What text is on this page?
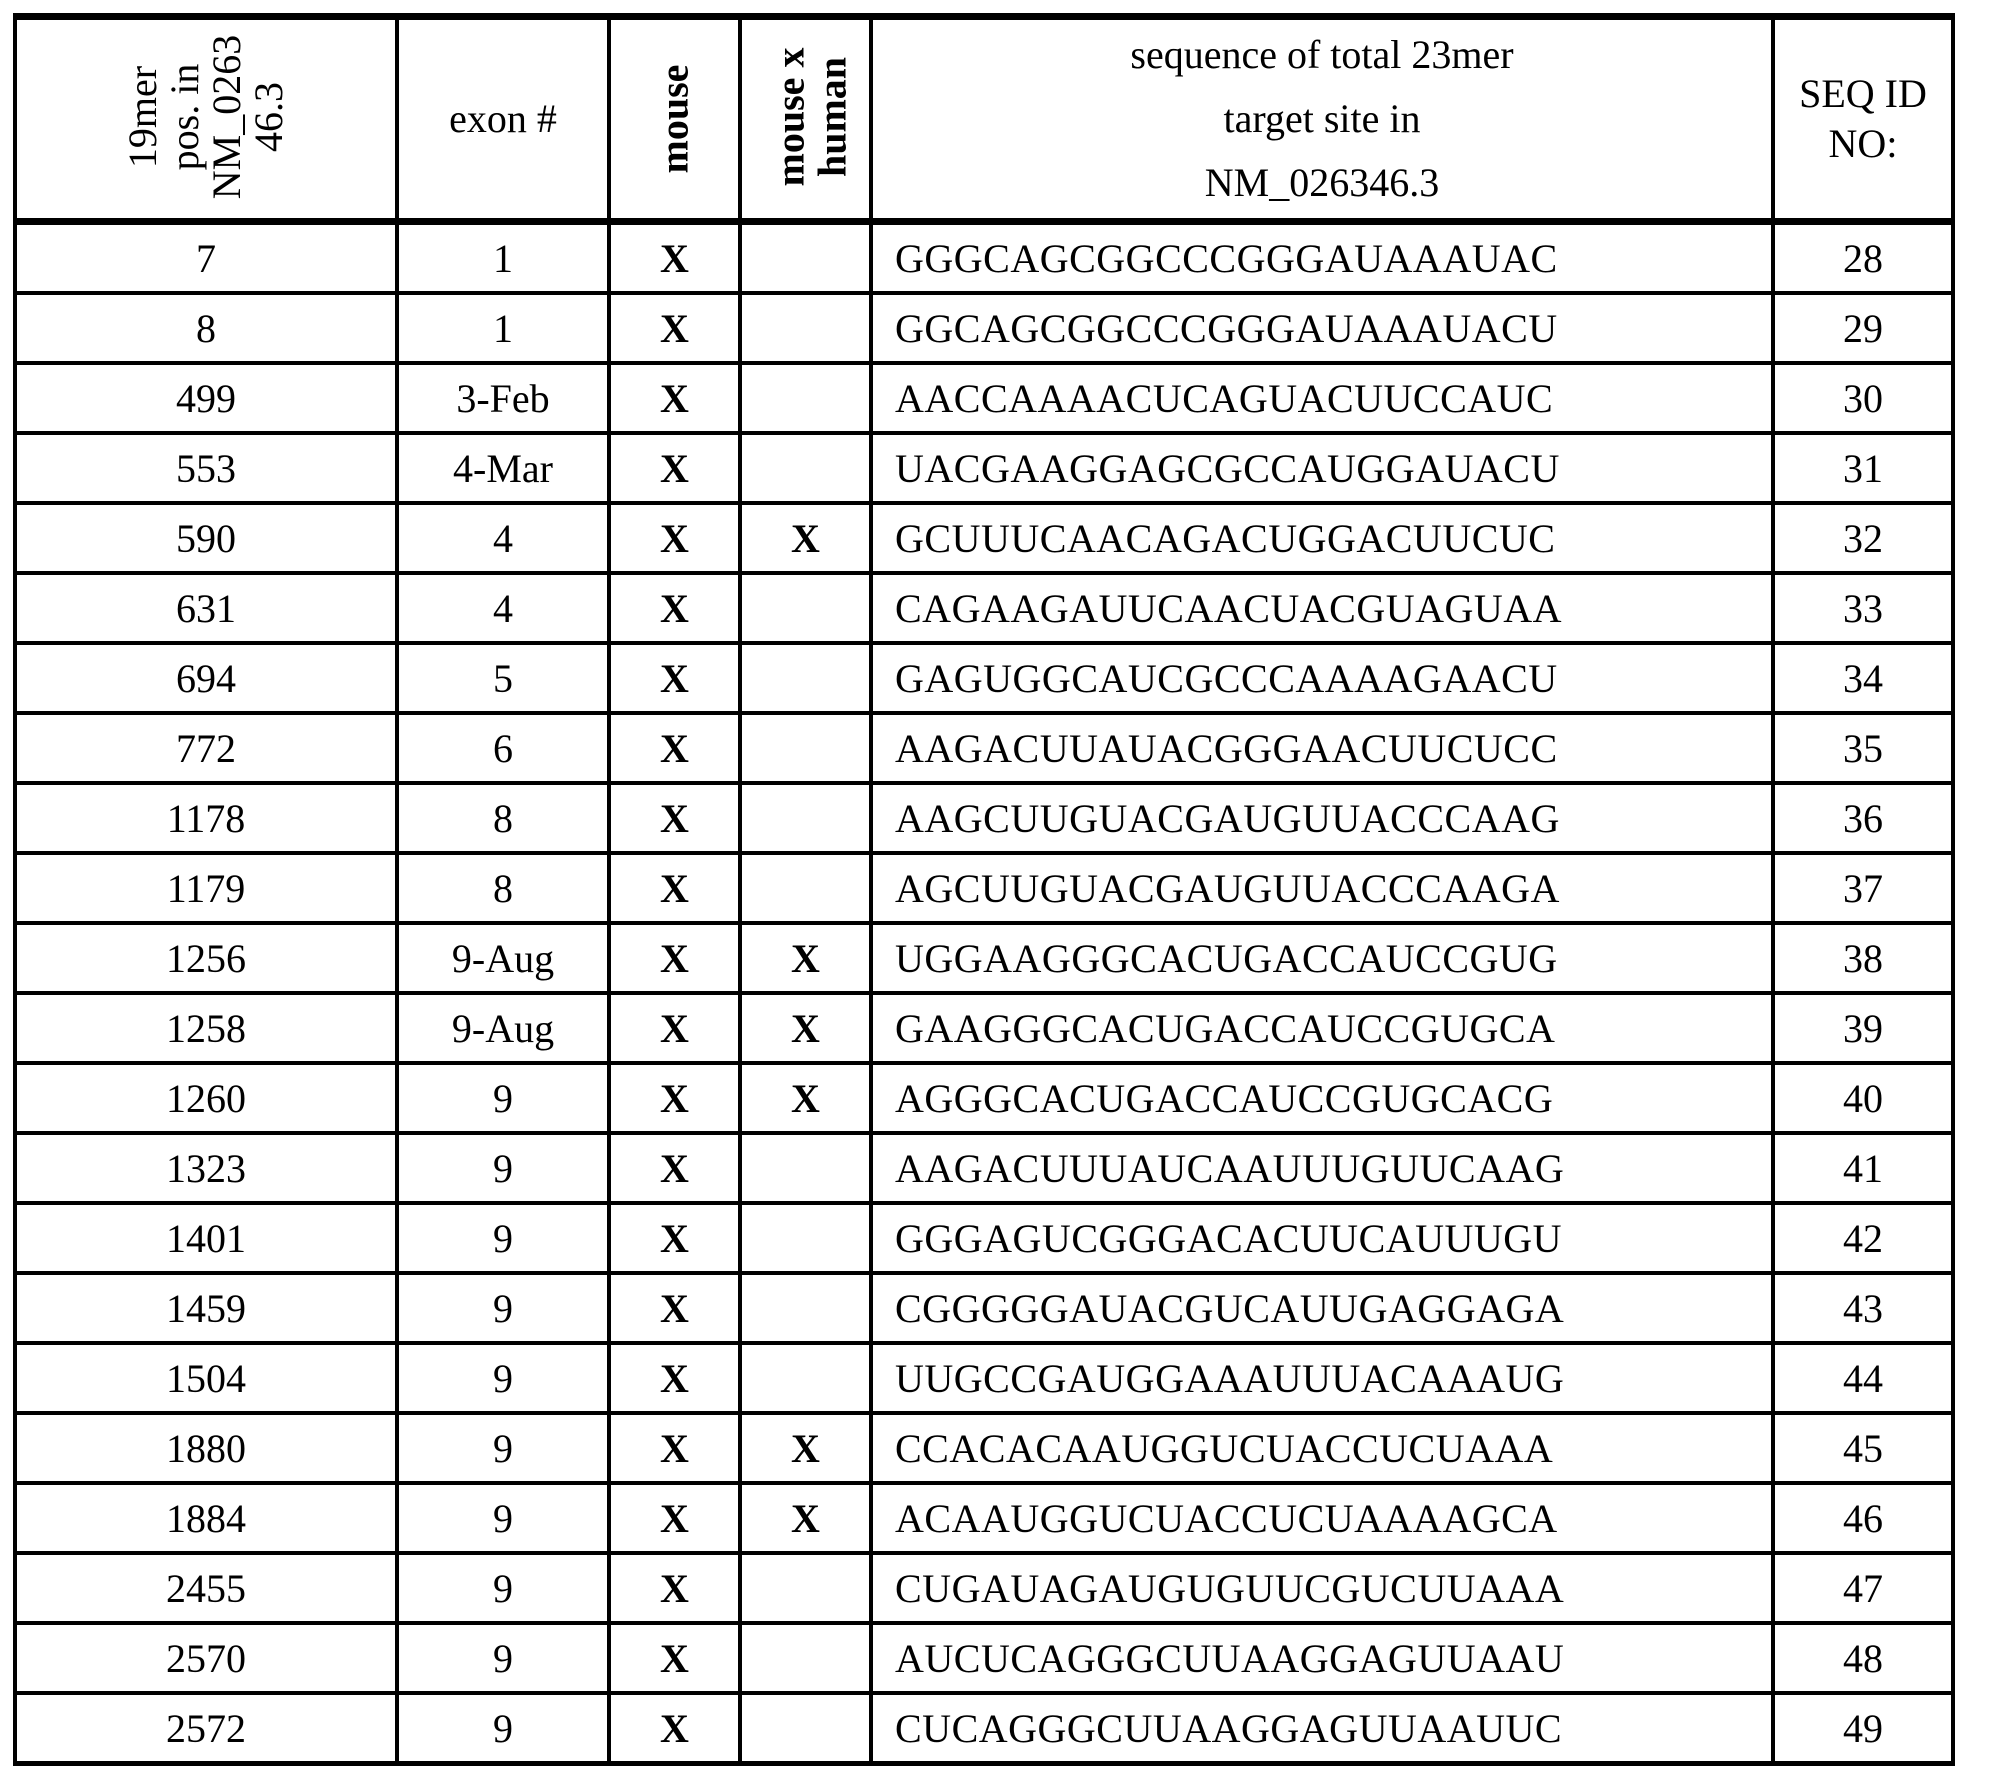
19mer
pos. in
NM_0263
46.3	exon #	mouse	mouse x
human

sequence of total 23mer
target site in
NM_026346.3

SEQ ID
NO:

7	1	X		GGGCAGCGGCCCGGGAUAAAUAC	28
8	1	X		GGCAGCGGCCCGGGAUAAAUACU	29
499	3-Feb	X		AACCAAAACUCAGUACUUCCAUC	30
553	4-Mar	X		UACGAAGGAGCGCCAUGGAUACU	31
590	4	X	X	GCUUUCAACAGACUGGACUUCUC	32
631	4	X		CAGAAGAUUCAACUACGUAGUAA	33
694	5	X		GAGUGGCAUCGCCCAAAAGAACU	34
772	6	X		AAGACUUAUACGGGAACUUCUCC	35
1178	8	X		AAGCUUGUACGAUGUUACCCAAG	36
1179	8	X		AGCUUGUACGAUGUUACCCAAGA	37
1256	9-Aug	X	X	UGGAAGGGCACUGACCAUCCGUG	38
1258	9-Aug	X	X	GAAGGGCACUGACCAUCCGUGCA	39
1260	9	X	X	AGGGCACUGACCAUCCGUGCACG	40
1323	9	X		AAGACUUUAUCAAUUUGUUCAAG	41
1401	9	X		GGGAGUCGGGACACUUCAUUUGU	42
1459	9	X		CGGGGGAUACGUCAUUGAGGAGA	43
1504	9	X		UUGCCGAUGGAAAUUUACAAAUG	44
1880	9	X	X	CCACACAAUGGUCUACCUCUAAA	45
1884	9	X	X	ACAAUGGUCUACCUCUAAAAGCA	46
2455	9	X		CUGAUAGAUGUGUUCGUCUUAAA	47
2570	9	X		AUCUCAGGGCUUAAGGAGUUAAU	48
2572	9	X		CUCAGGGCUUAAGGAGUUAAUUC	49
